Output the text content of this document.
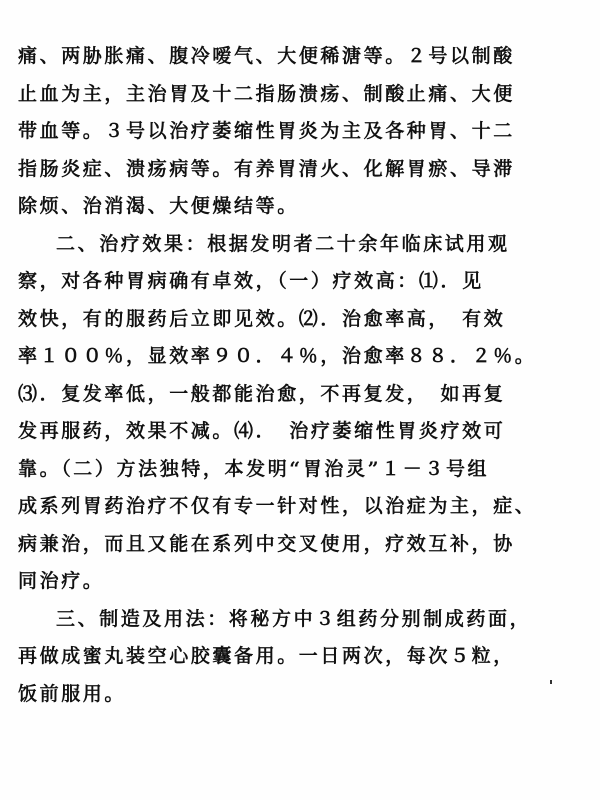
痛、两胁胀痛、腹冷嗳气、大便稀溏等。２号以制酸
止血为主，主治胃及十二指肠溃疡、制酸止痛、大便
带血等。３号以治疗萎缩性胃炎为主及各种胃、十二
指肠炎症、溃疡病等。有养胃清火、化解胃瘀、导滞
除烦、治消渴、大便燥结等。
二、治疗效果：根据发明者二十余年临床试用观
察，对各种胃病确有卓效，（一）疗效高：⑴．见
效快，有的服药后立即见效。⑵．治愈率高，　有效
率１００％，显效率９０．４％，治愈率８８．２％。
⑶．复发率低，一般都能治愈，不再复发，　如再复
发再服药，效果不减。⑷．　治疗萎缩性胃炎疗效可
靠。（二）方法独特，本发明“胃治灵”１－３号组
成系列胃药治疗不仅有专一针对性，以治症为主，症、
病兼治，而且又能在系列中交叉使用，疗效互补，协
同治疗。
三、制造及用法：将秘方中３组药分别制成药面，
再做成蜜丸装空心胶囊备用。一日两次，每次５粒，
饭前服用。
